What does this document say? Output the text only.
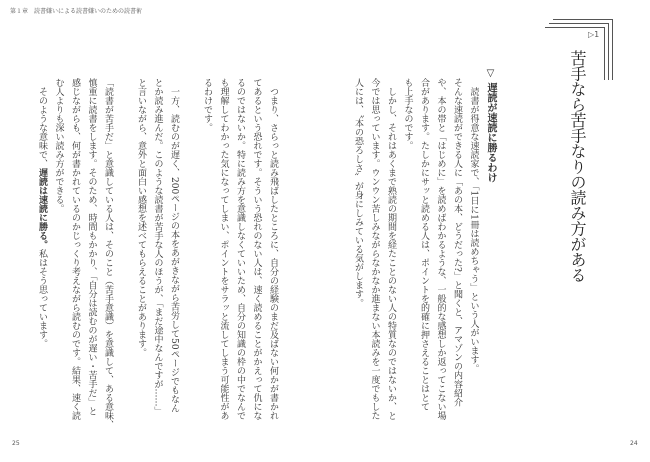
第１章　読書嫌いによる読書嫌いのための読書術
▷1
苦手なら苦手なりの読み方がある
▽ 遅読が速読に勝るわけ
読書が得意な速読家で、「1日に1冊は読めちゃう」という人がいます。
そんな速読ができる人に「あの本、どうだった?」と聞くと、アマゾンの内容紹介
や、本の帯と「はじめに」を読めばわかるような、一般的な感想しか返ってこない場
合があります。たしかにサッと読める人は、ポイントを的確に押さえることはとて
も上手なのです。
しかし、それはあくまで熟読の期間を経たことのない人の特質なのではないか、と
今では思っています。ウンウン苦しみながらなかなか進まない本読みを一度でもした
人には、〝本の恐ろしさ〟が身にしみている気がします。
つまり、さらっと読み飛ばしたところに、自分の経験のまだ及ばない何かが書かれ
てあるという恐れです。そういう恐れのない人は、速く読めることがかえって仇にな
るのではないか。特に読み方を意識しなくていいため、自分の知識の枠の中でなんで
も理解してわかった気になってしまい、ポイントをサラッと流してしまう可能性があ
るわけです。
一方、読むのが遅く、200ページの本をあがきながら苦労して50ページでもなん
とか読み進んだ。このような読書が苦手な人のほうが、「まだ途中なんですが……」
と言いながら、意外と面白い感想を述べてもらえることがあります。
「読書が苦手だ」と意識している人は、そのこと（苦手意識）を意識して、ある意味、
慎重に読書をします。そのため、時間もかかり、「自分は読むのが遅い・苦手だ」と
感じながらも、何が書かれているのかじっくり考えながら読むのです。結果、速く読
む人よりも深い読み方ができる。
そのような意味で、遅読は速読に勝る。私はそう思っています。
25	24
